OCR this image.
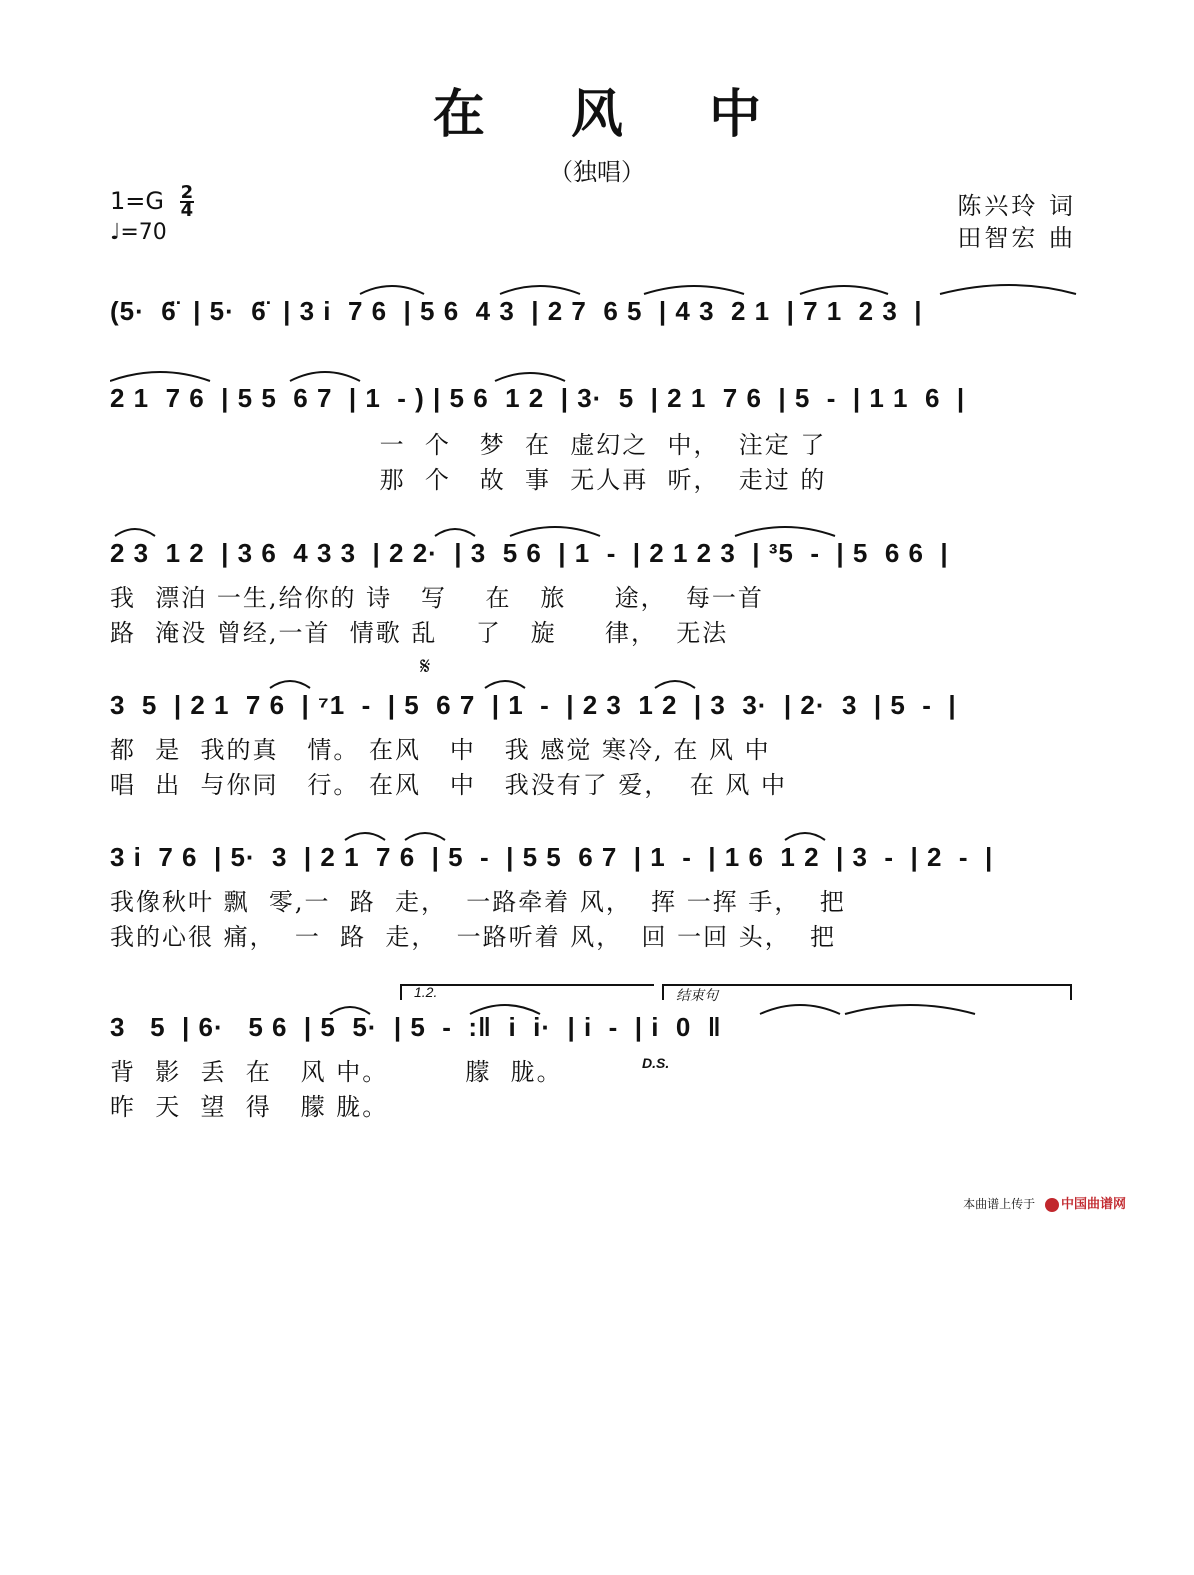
在 风 中
（独唱）
$1=G \frac{2}{4}$
♩=70
陈兴玲 词
田智宏 曲
(5·  6̈  | 5·  6̈  | 3 i  7 6  | 5 6  4 3  | 2 7  6 5  | 4 3  2 1  | 7 1  2 3  |
2 1  7 6  | 5 5  6 7  | 1  - ) | 5 6  1 2  | 3·  5  | 2 1  7 6  | 5  -  | 1 1  6  |
一  个   梦  在  虚幻之  中，  注定 了
那  个   故  事  无人再  听，  走过 的
2 3  1 2  | 3 6  4 3 3  | 2 2·  | 3  5 6  | 1  -  | 2 1 2 3  | ³5  -  | 5  6 6  |
我  漂泊 一生,给你的 诗   写    在   旅     途，  每一首
路  淹没 曾经,一首  情歌 乱    了   旋     律，  无法
𝄋
3  5  | 2 1  7 6  | ⁷1  -  | 5  6 7  | 1  -  | 2 3  1 2  | 3  3·  | 2·  3  | 5  -  |
都  是  我的真   情。 在风   中   我 感觉 寒冷, 在 风 中
唱  出  与你同   行。 在风   中   我没有了 爱，  在 风 中
3 i  7 6  | 5·  3  | 2 1  7 6  | 5  -  | 5 5  6 7  | 1  -  | 1 6  1 2  | 3  -  | 2  -  |
我像秋叶 飘  零,一  路  走，  一路牵着 风，  挥 一挥 手，  把
我的心很 痛，  一  路  走，  一路听着 风，  回 一回 头，  把
1.2.	结束句
3   5  | 6·   5 6  | 5  5·  | 5  -  :‖  i  i·  | i  -  | i  0  ‖
D.S.
背  影  丢  在   风 中。        朦  胧。
昨  天  望  得   朦 胧。
本曲谱上传于 中国曲谱网
